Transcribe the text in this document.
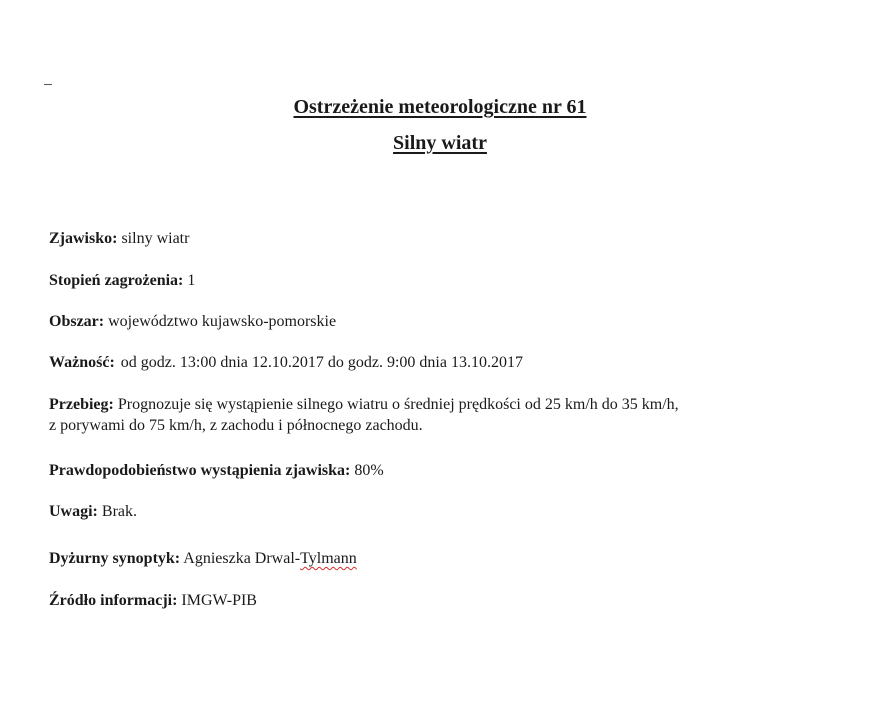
Ostrzeżenie meteorologiczne nr 61
Silny wiatr
Zjawisko: silny wiatr
Stopień zagrożenia: 1
Obszar: województwo kujawsko-pomorskie
Ważność: od godz. 13:00 dnia 12.10.2017 do godz. 9:00 dnia 13.10.2017
Przebieg: Prognozuje się wystąpienie silnego wiatru o średniej prędkości od 25 km/h do 35 km/h,
z porywami do 75 km/h, z zachodu i północnego zachodu.
Prawdopodobieństwo wystąpienia zjawiska: 80%
Uwagi: Brak.
Dyżurny synoptyk: Agnieszka Drwal-Tylmann
Źródło informacji: IMGW-PIB
